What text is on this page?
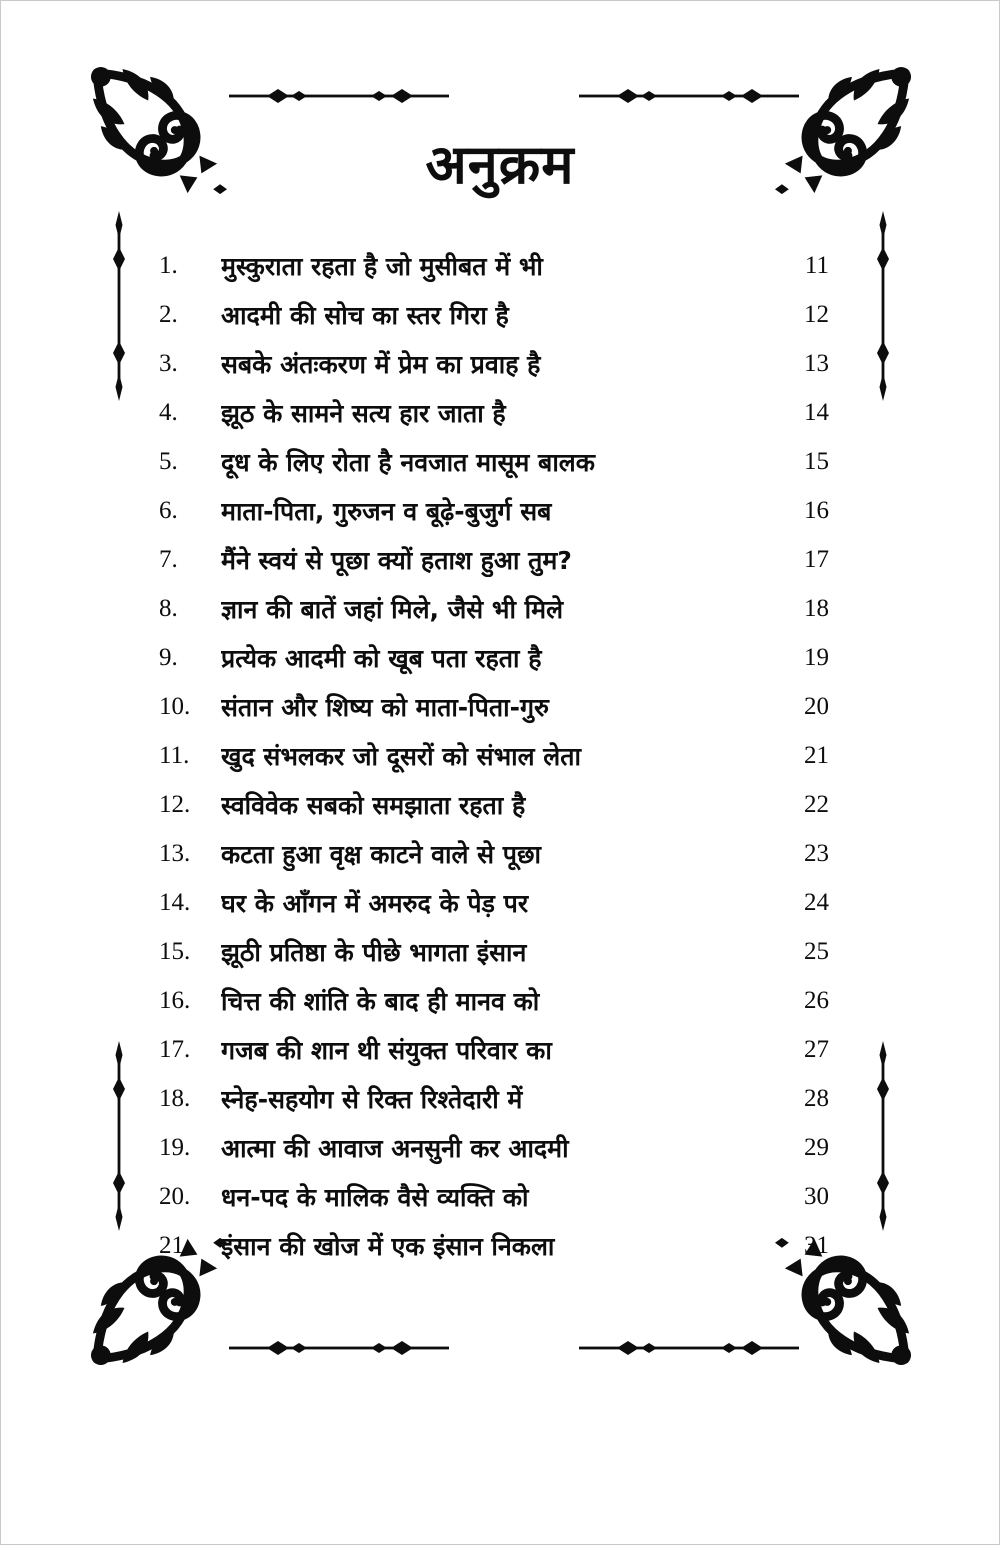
अनुक्रम
1.	मुस्कुराता रहता है जो मुसीबत में भी	11
2.	आदमी की सोच का स्तर गिरा है	12
3.	सबके अंतःकरण में प्रेम का प्रवाह है	13
4.	झूठ के सामने सत्य हार जाता है	14
5.	दूध के लिए रोता है नवजात मासूम बालक	15
6.	माता-पिता, गुरुजन व बूढ़े-बुजुर्ग सब	16
7.	मैंने स्वयं से पूछा क्यों हताश हुआ तुम?	17
8.	ज्ञान की बातें जहां मिले, जैसे भी मिले	18
9.	प्रत्येक आदमी को खूब पता रहता है	19
10.	संतान और शिष्य को माता-पिता-गुरु	20
11.	खुद संभलकर जो दूसरों को संभाल लेता	21
12.	स्वविवेक सबको समझाता रहता है	22
13.	कटता हुआ वृक्ष काटने वाले से पूछा	23
14.	घर के आँगन में अमरुद के पेड़ पर	24
15.	झूठी प्रतिष्ठा के पीछे भागता इंसान	25
16.	चित्त की शांति के बाद ही मानव को	26
17.	गजब की शान थी संयुक्त परिवार का	27
18.	स्नेह-सहयोग से रिक्त रिश्तेदारी में	28
19.	आत्मा की आवाज अनसुनी कर आदमी	29
20.	धन-पद के मालिक वैसे व्यक्ति को	30
21.	इंसान की खोज में एक इंसान निकला	31
